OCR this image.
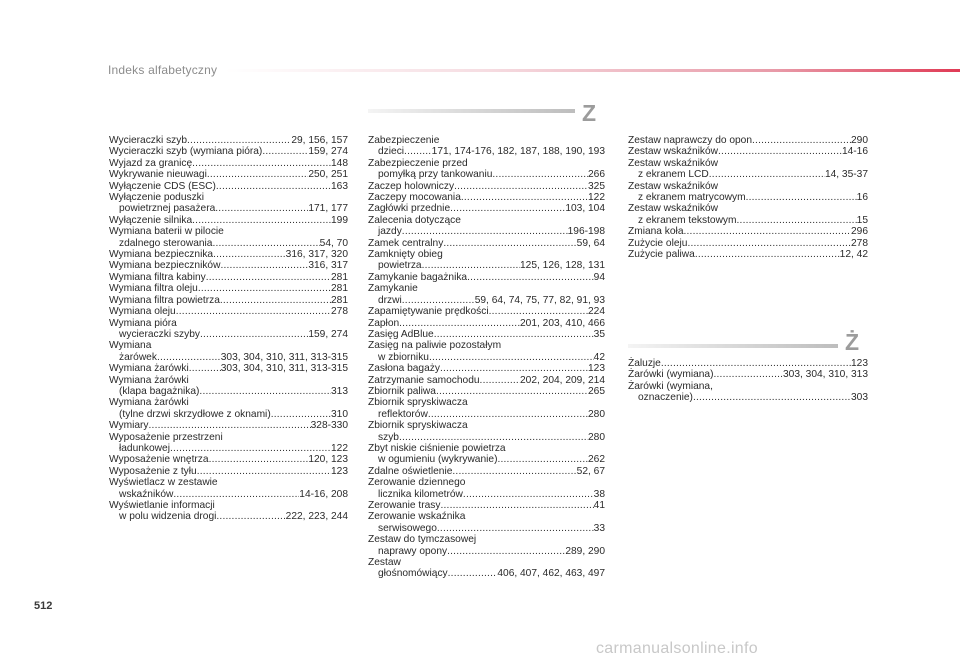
Indeks alfabetyczny
Z
Ż
Wycieraczki szyb .....	29, 156, 157
Wycieraczki szyb (wymiana pióra) .....	159, 274
Wyjazd za granicę .....	148
Wykrywanie nieuwagi .....	250, 251
Wyłączenie CDS (ESC) .....	163
Wyłączenie poduszki
powietrznej pasażera .....	171, 177
Wyłączenie silnika .....	199
Wymiana baterii w pilocie
zdalnego sterowania .....	54, 70
Wymiana bezpiecznika .....	316, 317, 320
Wymiana bezpieczników .....	316, 317
Wymiana filtra kabiny .....	281
Wymiana filtra oleju .....	281
Wymiana filtra powietrza .....	281
Wymiana oleju .....	278
Wymiana pióra
wycieraczki szyby .....	159, 274
Wymiana
żarówek .....	303, 304, 310, 311, 313-315
Wymiana żarówki .....	303, 304, 310, 311, 313-315
Wymiana żarówki
(klapa bagażnika) .....	313
Wymiana żarówki
(tylne drzwi skrzydłowe z oknami) .....	310
Wymiary .....	328-330
Wyposażenie przestrzeni
ładunkowej .....	122
Wyposażenie wnętrza .....	120, 123
Wyposażenie z tyłu .....	123
Wyświetlacz w zestawie
wskaźników .....	14-16, 208
Wyświetlanie informacji
w polu widzenia drogi .....	222, 223, 244
Zabezpieczenie
dzieci .....	171, 174-176, 182, 187, 188, 190, 193
Zabezpieczenie przed
pomyłką przy tankowaniu .....	266
Zaczep holowniczy .....	325
Zaczepy mocowania .....	122
Zagłówki przednie .....	103, 104
Zalecenia dotyczące
jazdy .....	196-198
Zamek centralny .....	59, 64
Zamknięty obieg
powietrza .....	125, 126, 128, 131
Zamykanie bagażnika .....	94
Zamykanie
drzwi .....	59, 64, 74, 75, 77, 82, 91, 93
Zapamiętywanie prędkości .....	224
Zapłon .....	201, 203, 410, 466
Zasięg AdBlue .....	35
Zasięg na paliwie pozostałym
w zbiorniku .....	42
Zasłona bagaży .....	123
Zatrzymanie samochodu .....	202, 204, 209, 214
Zbiornik paliwa .....	265
Zbiornik spryskiwacza
reflektorów .....	280
Zbiornik spryskiwacza
szyb .....	280
Zbyt niskie ciśnienie powietrza
w ogumieniu (wykrywanie) .....	262
Zdalne oświetlenie .....	52, 67
Zerowanie dziennego
licznika kilometrów .....	38
Zerowanie trasy .....	41
Zerowanie wskaźnika
serwisowego .....	33
Zestaw do tymczasowej
naprawy opony .....	289, 290
Zestaw
głośnomówiący .....	406, 407, 462, 463, 497
Zestaw naprawczy do opon .....	290
Zestaw wskaźników .....	14-16
Zestaw wskaźników
z ekranem LCD .....	14, 35-37
Zestaw wskaźników
z ekranem matrycowym .....	16
Zestaw wskaźników
z ekranem tekstowym .....	15
Zmiana koła .....	296
Zużycie oleju .....	278
Zużycie paliwa .....	12, 42
Żaluzje .....	123
Żarówki (wymiana) .....	303, 304, 310, 313
Żarówki (wymiana,
oznaczenie) .....	303
512
carmanualsonline.info
